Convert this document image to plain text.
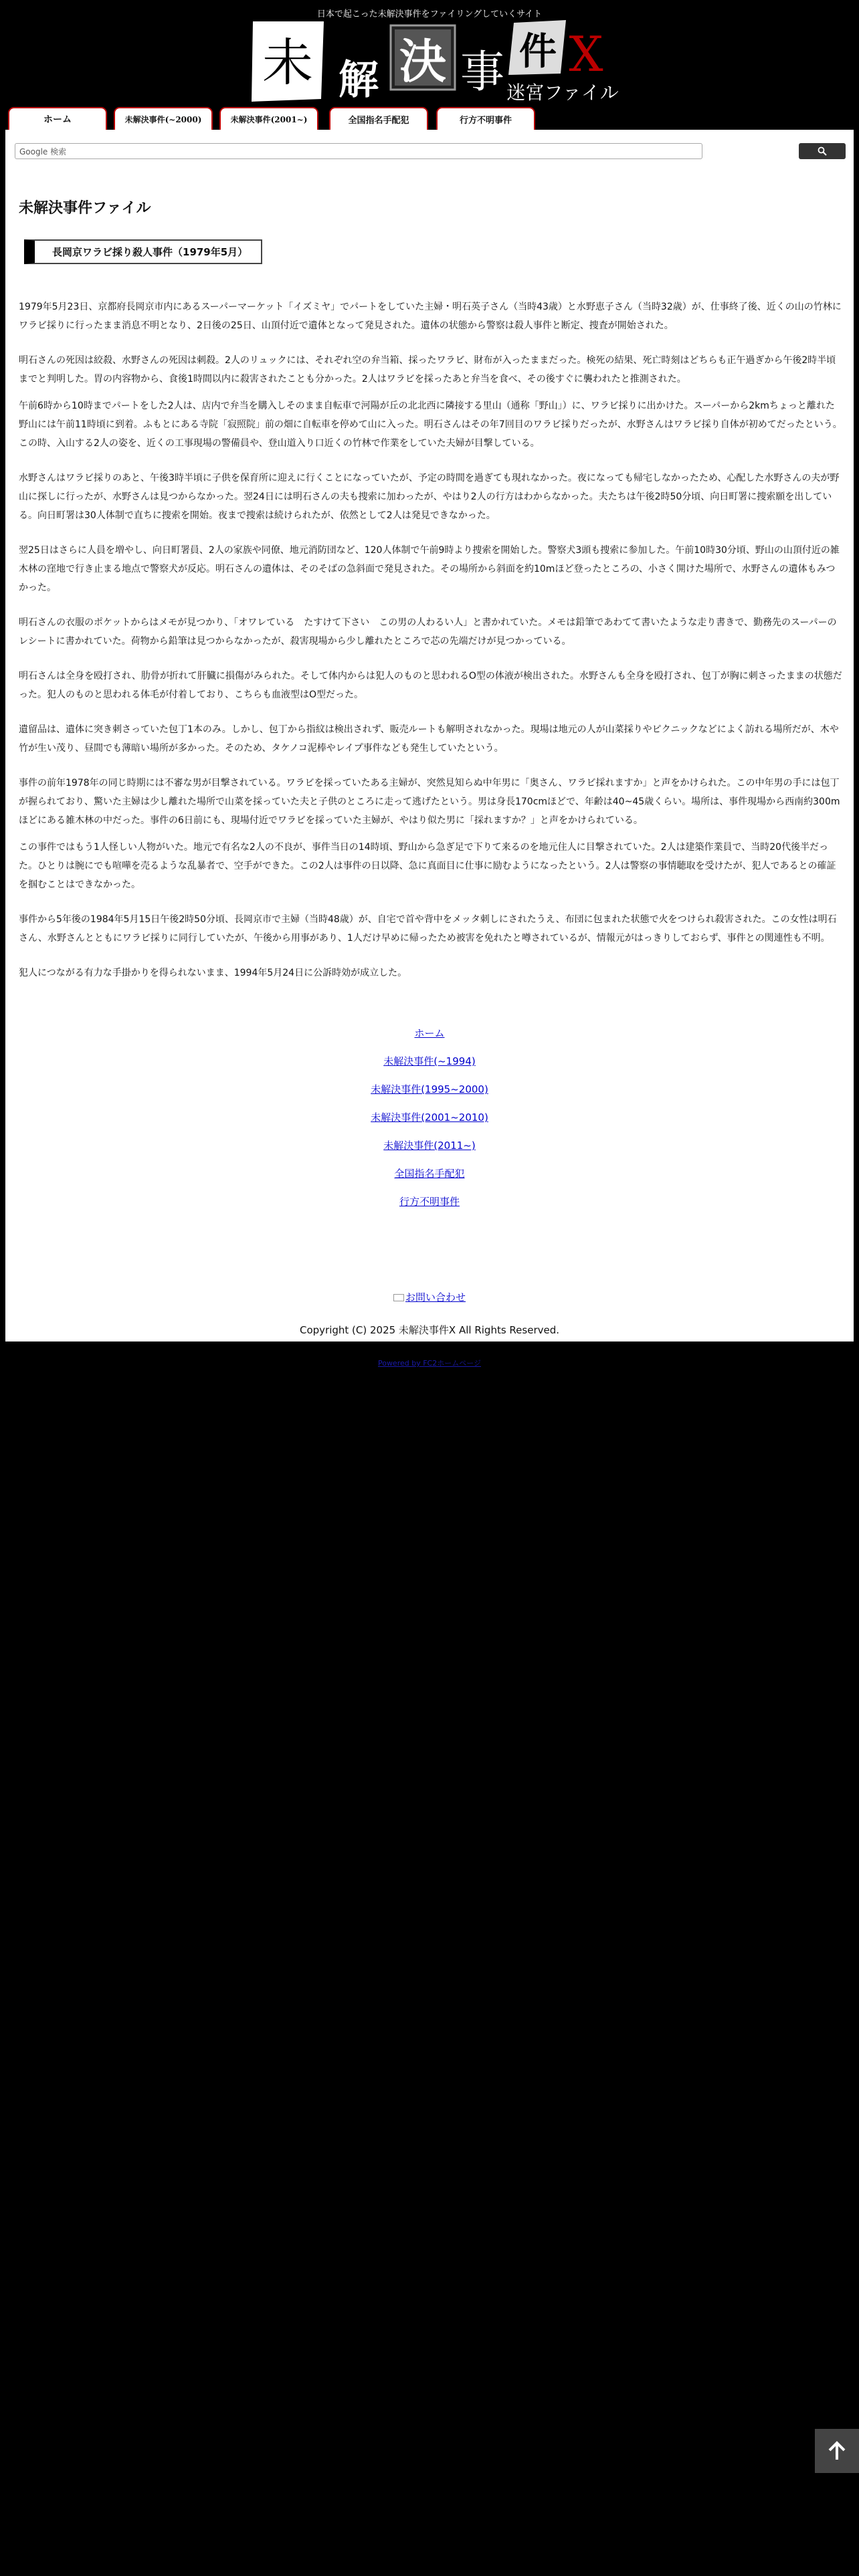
日本で起こった未解決事件をファイリングしていくサイト
未 解 決 事 件 X
迷宮ファイル
ホーム	未解決事件(~2000)	未解決事件(2001~)	全国指名手配犯	行方不明事件
Google 検索
未解決事件ファイル
長岡京ワラビ採り殺人事件（1979年5月）

1979年5月23日、京都府長岡京市内にあるスーパーマーケット「イズミヤ」でパートをしていた主婦・明石英子さん（当時43歳）と水野恵子さん（当時32歳）が、仕事終了後、近くの山の竹林にワラビ採りに行ったまま消息不明となり、2日後の25日、山頂付近で遺体となって発見された。遺体の状態から警察は殺人事件と断定、捜査が開始された。

明石さんの死因は絞殺、水野さんの死因は刺殺。2人のリュックには、それぞれ空の弁当箱、採ったワラビ、財布が入ったままだった。検死の結果、死亡時刻はどちらも正午過ぎから午後2時半頃までと判明した。胃の内容物から、食後1時間以内に殺害されたことも分かった。2人はワラビを採ったあと弁当を食べ、その後すぐに襲われたと推測された。

午前6時から10時までパートをした2人は、店内で弁当を購入しそのまま自転車で河陽が丘の北北西に隣接する里山（通称「野山」）に、ワラビ採りに出かけた。スーパーから2kmちょっと離れた野山には午前11時頃に到着。ふもとにある寺院「寂照院」前の畑に自転車を停めて山に入った。明石さんはその年7回目のワラビ採りだったが、水野さんはワラビ採り自体が初めてだったという。この時、入山する2人の姿を、近くの工事現場の警備員や、登山道入り口近くの竹林で作業をしていた夫婦が目撃している。

水野さんはワラビ採りのあと、午後3時半頃に子供を保育所に迎えに行くことになっていたが、予定の時間を過ぎても現れなかった。夜になっても帰宅しなかったため、心配した水野さんの夫が野山に探しに行ったが、水野さんは見つからなかった。翌24日には明石さんの夫も捜索に加わったが、やはり2人の行方はわからなかった。夫たちは午後2時50分頃、向日町署に捜索願を出している。向日町署は30人体制で直ちに捜索を開始。夜まで捜索は続けられたが、依然として2人は発見できなかった。

翌25日はさらに人員を増やし、向日町署員、2人の家族や同僚、地元消防団など、120人体制で午前9時より捜索を開始した。警察犬3頭も捜索に参加した。午前10時30分頃、野山の山頂付近の雑木林の窪地で行き止まる地点で警察犬が反応。明石さんの遺体は、そのそばの急斜面で発見された。その場所から斜面を約10mほど登ったところの、小さく開けた場所で、水野さんの遺体もみつかった。

明石さんの衣服のポケットからはメモが見つかり、「オワレている　たすけて下さい　この男の人わるい人」と書かれていた。メモは鉛筆であわてて書いたような走り書きで、勤務先のスーパーのレシートに書かれていた。荷物から鉛筆は見つからなかったが、殺害現場から少し離れたところで芯の先端だけが見つかっている。

明石さんは全身を殴打され、肋骨が折れて肝臓に損傷がみられた。そして体内からは犯人のものと思われるO型の体液が検出された。水野さんも全身を殴打され、包丁が胸に刺さったままの状態だった。犯人のものと思われる体毛が付着しており、こちらも血液型はO型だった。

遺留品は、遺体に突き刺さっていた包丁1本のみ。しかし、包丁から指紋は検出されず、販売ルートも解明されなかった。現場は地元の人が山菜採りやピクニックなどによく訪れる場所だが、木や竹が生い茂り、昼間でも薄暗い場所が多かった。そのため、タケノコ泥棒やレイプ事件なども発生していたという。

事件の前年1978年の同じ時期には不審な男が目撃されている。ワラビを採っていたある主婦が、突然見知らぬ中年男に「奥さん、ワラビ採れますか」と声をかけられた。この中年男の手には包丁が握られており、驚いた主婦は少し離れた場所で山菜を採っていた夫と子供のところに走って逃げたという。男は身長170cmほどで、年齢は40~45歳くらい。場所は、事件現場から西南約300mほどにある雑木林の中だった。事件の6日前にも、現場付近でワラビを採っていた主婦が、やはり似た男に「採れますか？」と声をかけられている。

この事件ではもう1人怪しい人物がいた。地元で有名な2人の不良が、事件当日の14時頃、野山から急ぎ足で下りて来るのを地元住人に目撃されていた。2人は建築作業員で、当時20代後半だった。ひとりは腕にでも喧嘩を売るような乱暴者で、空手ができた。この2人は事件の日以降、急に真面目に仕事に励むようになったという。2人は警察の事情聴取を受けたが、犯人であるとの確証を掴むことはできなかった。

事件から5年後の1984年5月15日午後2時50分頃、長岡京市で主婦（当時48歳）が、自宅で首や背中をメッタ刺しにされたうえ、布団に包まれた状態で火をつけられ殺害された。この女性は明石さん、水野さんとともにワラビ採りに同行していたが、午後から用事があり、1人だけ早めに帰ったため被害を免れたと噂されているが、情報元がはっきりしておらず、事件との関連性も不明。

犯人につながる有力な手掛かりを得られないまま、1994年5月24日に公訴時効が成立した。

ホーム
未解決事件(~1994)
未解決事件(1995~2000)
未解決事件(2001~2010)
未解決事件(2011~)
全国指名手配犯
行方不明事件
お問い合わせ
Copyright (C) 2025 未解決事件X All Rights Reserved.
Powered by FC2ホームページ
